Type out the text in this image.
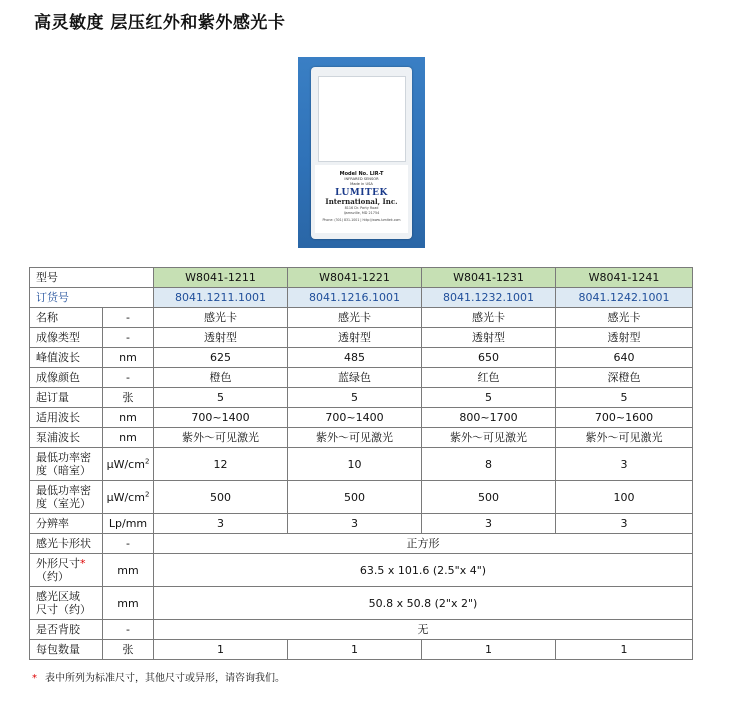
高灵敏度 层压红外和紫外感光卡
Model No. LIR-T
INFRARED SENSOR
Made in USA
LUMITEK
International, Inc.
8116 Dr. Party Road
Ijamsville, MD 21754
Phone: (301) 831-1001 | http://www.lumitek.com
型号		W8041-1211	W8041-1221	W8041-1231	W8041-1241
订货号		8041.1211.1001	8041.1216.1001	8041.1232.1001	8041.1242.1001
名称	-	感光卡	感光卡	感光卡	感光卡
成像类型	-	透射型	透射型	透射型	透射型
峰值波长	nm	625	485	650	640
成像颜色	-	橙色	蓝绿色	红色	深橙色
起订量	张	5	5	5	5
适用波长	nm	700~1400	700~1400	800~1700	700~1600
泵浦波长	nm	紫外～可见激光	紫外～可见激光	紫外～可见激光	紫外～可见激光
最低功率密
度（暗室）	$\mu W/cm^2$	12	10	8	3
最低功率密
度（室光）	$\mu W/cm^2$	500	500	500	100
分辨率	Lp/mm	3	3	3	3
感光卡形状	-	正方形			
外形尺寸*
（约）	mm	63.5 x 101.6 (2.5"x 4")			
感光区域
尺寸（约）	mm	50.8 x 50.8 (2"x 2")			
是否背胶	-	无			
每包数量	张	1	1	1	1
* 表中所列为标准尺寸，其他尺寸或异形，请咨询我们。
